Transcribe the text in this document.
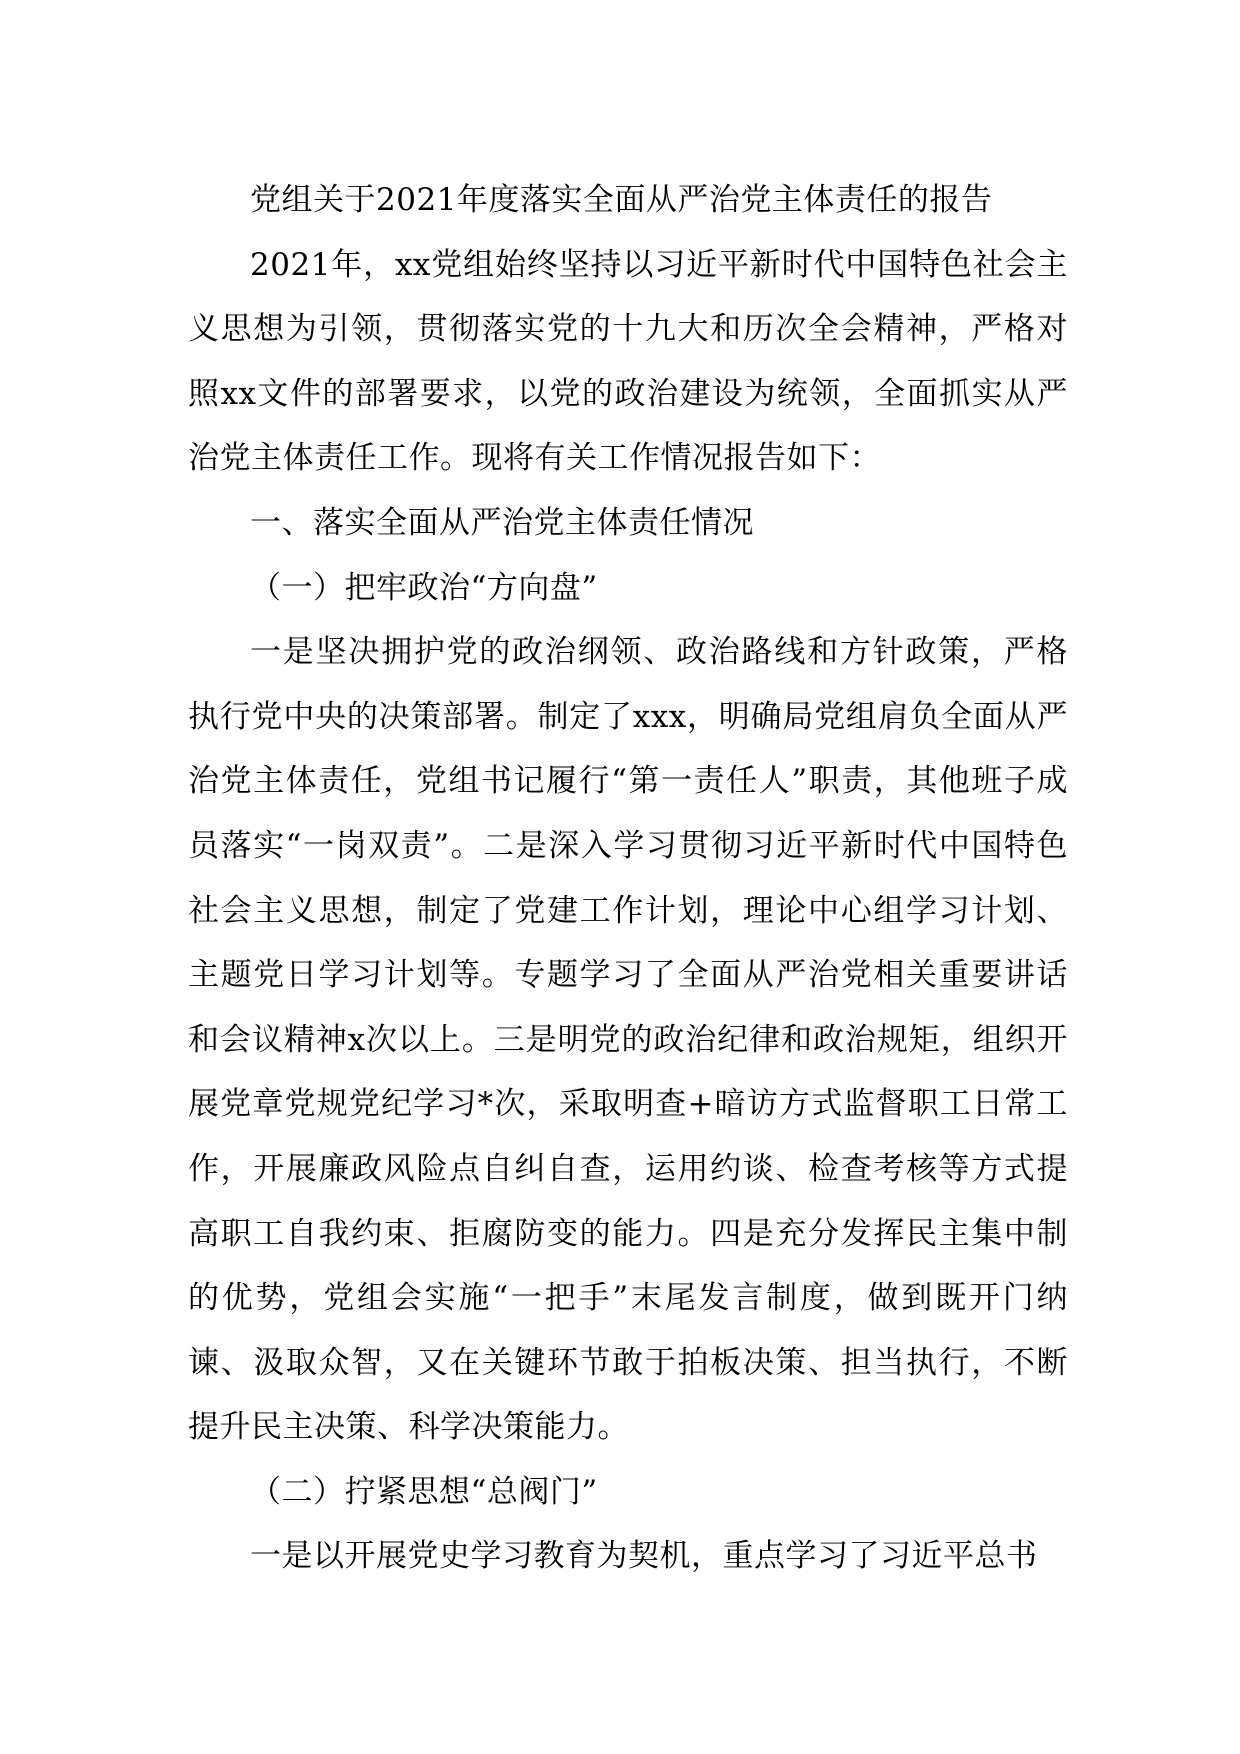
党组关于2021年度落实全面从严治党主体责任的报告

2021年，xx党组始终坚持以习近平新时代中国特色社会主义思想为引领，贯彻落实党的十九大和历次全会精神，严格对照xx文件的部署要求，以党的政治建设为统领，全面抓实从严治党主体责任工作。现将有关工作情况报告如下：

一、落实全面从严治党主体责任情况

（一）把牢政治“方向盘”

一是坚决拥护党的政治纲领、政治路线和方针政策，严格执行党中央的决策部署。制定了xxx，明确局党组肩负全面从严治党主体责任，党组书记履行“第一责任人”职责，其他班子成员落实“一岗双责”。二是深入学习贯彻习近平新时代中国特色社会主义思想，制定了党建工作计划，理论中心组学习计划、主题党日学习计划等。专题学习了全面从严治党相关重要讲话和会议精神x次以上。三是明党的政治纪律和政治规矩，组织开展党章党规党纪学习*次，采取明查+暗访方式监督职工日常工作，开展廉政风险点自纠自查，运用约谈、检查考核等方式提高职工自我约束、拒腐防变的能力。四是充分发挥民主集中制的优势，党组会实施“一把手”末尾发言制度，做到既开门纳谏、汲取众智，又在关键环节敢于拍板决策、担当执行，不断提升民主决策、科学决策能力。

（二）拧紧思想“总阀门”

一是以开展党史学习教育为契机，重点学习了习近平总书
